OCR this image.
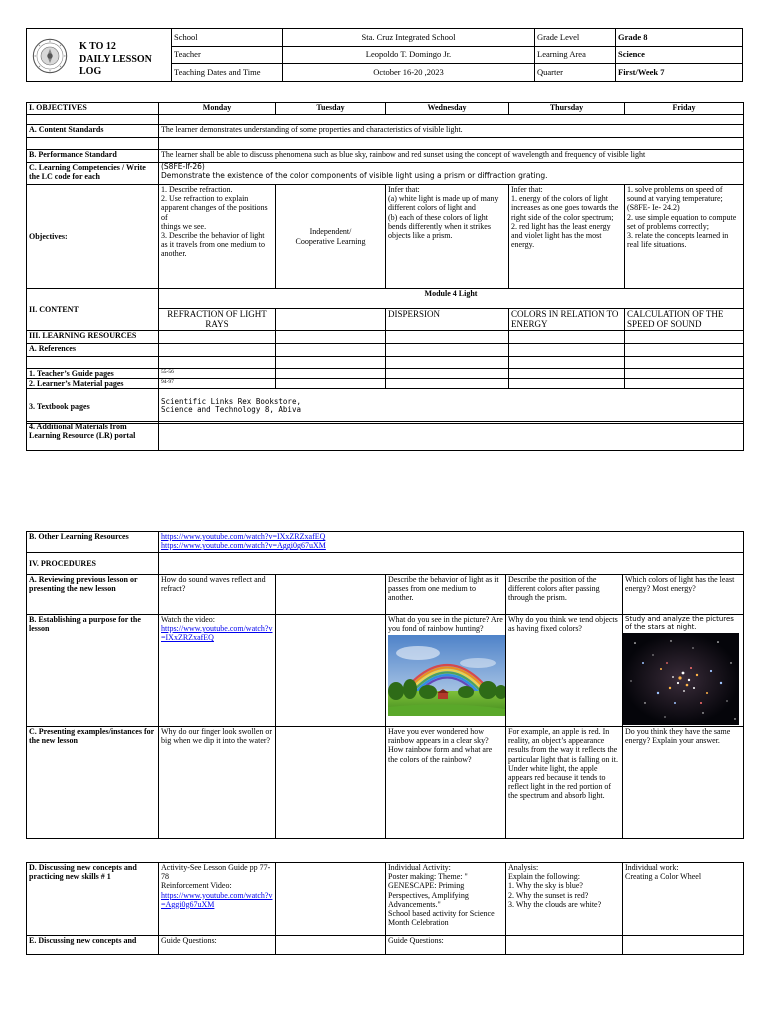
K TO 12
DAILY LESSON LOG	School	Sta. Cruz Integrated School	Grade Level	Grade 8
	Teacher	Leopoldo T. Domingo Jr.	Learning Area	Science
	Teaching Dates and Time	October 16-20 ,2023	Quarter	First/Week 7
I. OBJECTIVES	Monday	Tuesday	Wednesday	Thursday	Friday

A. Content Standards	The learner demonstrates understanding of some properties and characteristics of visible light.				

B. Performance Standard	The learner shall be able to discuss phenomena such as blue sky, rainbow and red sunset using the concept of wavelength and frequency of visible light				
C. Learning Competencies / Write the LC code for each	(S8FE-If-26)
Demonstrate the existence of the color components of visible light using a prism or diffraction grating.				

Objectives:	1. Describe refraction.
2. Use refraction to explain apparent changes of the positions of
things we see.
3. Describe the behavior of light as it travels from one medium to another.	Independent/
Cooperative Learning	Infer that:
(a) white light is made up of many different colors of light and
(b) each of these colors of light bends differently when it strikes objects like a prism.	Infer that:
1. energy of the colors of light increases as one goes towards the
right side of the color spectrum;
2. red light has the least energy and violet light has the most energy.	1. solve problems on speed of sound at varying temperature;(S8FE- Ie- 24.2)
2. use simple equation to compute set of problems correctly;
3. relate the concepts learned in real life situations.
II. CONTENT	Module 4 Light				
	REFRACTION OF LIGHT RAYS		DISPERSION	COLORS IN RELATION TO ENERGY	CALCULATION OF THE SPEED OF SOUND
III. LEARNING RESOURCES					
A. References					

1. Teacher’s Guide pages	55-56				
2. Learner’s Material pages	94-97				
3. Textbook pages	Scientific Links Rex Bookstore,
Science and Technology 8, Abiva				
4. Additional Materials from Learning Resource (LR) portal	
B. Other Learning Resources	https://www.youtube.com/watch?v=IXxZRZxafEQ
https://www.youtube.com/watch?v=Aggi0g67uXM				

IV. PROCEDURES					
A. Reviewing previous lesson or presenting the new lesson	How do sound waves reflect and refract?		Describe the behavior of light as it passes from one medium to another.	Describe the position of the different colors after passing through the prism.	Which colors of light has the least energy? Most energy?
B. Establishing a purpose for the lesson	Watch the video:
https://www.youtube.com/watch?v=IXxZRZxafEQ		What do you see in the picture? Are you fond of rainbow hunting?	Why do you think we tend objects as having fixed colors?	Study and analyze the pictures of the stars at night.

C. Presenting examples/instances for the new lesson	Why do our finger look swollen or big when we dip it into the water?		Have you ever wondered how rainbow appears in a clear sky? How rainbow form and what are the colors of the rainbow?	For example, an apple is red. In reality, an object’s appearance results from the way it reflects the particular light that is falling on it. Under white light, the apple appears red because it tends to reflect light in the red portion of the spectrum and absorb light.	Do you think they have the same energy? Explain your answer.
D. Discussing new concepts and practicing new skills # 1	Activity-See Lesson Guide pp 77-78
Reinforcement Video:
https://www.youtube.com/watch?v=Aggi0g67uXM		Individual Activity:
Poster making: Theme: " GENESCAPE: Priming Perspectives, Amplifying Advancements."
School based activity for Science Month Celebration	Analysis:
Explain the following:
1. Why the sky is blue?
2. Why the sunset is red?
3. Why the clouds are white?	Individual work:
Creating a Color Wheel
E. Discussing new concepts and	Guide Questions:		Guide Questions:		
